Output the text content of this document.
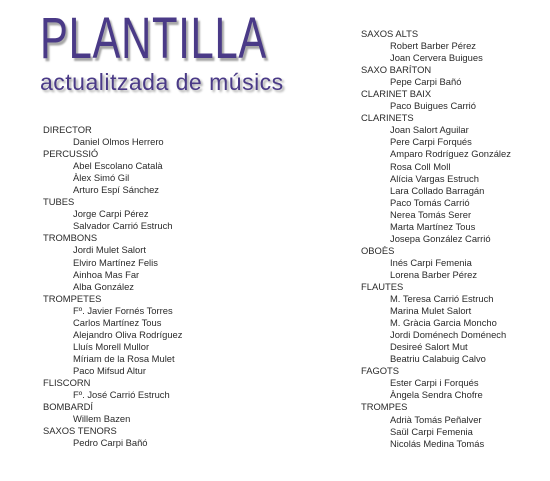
PLANTILLA
actualitzada de músics
DIRECTOR
Daniel Olmos Herrero
PERCUSSIÓ
Abel Escolano Català
Àlex Simó Gil
Arturo Espí Sánchez
TUBES
Jorge Carpi Pérez
Salvador Carrió Estruch
TROMBONS
Jordi Mulet Salort
Elviro Martínez Felis
Ainhoa Mas Far
Alba González
TROMPETES
Fº. Javier Fornés Torres
Carlos Martínez Tous
Alejandro Oliva Rodríguez
Lluís Morell Mullor
Míriam de la Rosa Mulet
Paco Mifsud Altur
FLISCORN
Fº. José Carrió Estruch
BOMBARDÍ
Willem Bazen
SAXOS TENORS
Pedro Carpi Bañó
SAXOS ALTS
Robert Barber Pérez
Joan Cervera Buigues
SAXO BARÍTON
Pepe Carpi Bañó
CLARINET BAIX
Paco Buigues Carrió
CLARINETS
Joan Salort Aguilar
Pere Carpi Forqués
Amparo Rodríguez González
Rosa Coll Moll
Alícia Vargas Estruch
Lara Collado Barragán
Paco Tomás Carrió
Nerea Tomás Serer
Marta Martínez Tous
Josepa González Carrió
OBOÈS
Inés Carpi Femenia
Lorena Barber Pérez
FLAUTES
M. Teresa Carrió Estruch
Marina Mulet Salort
M. Gràcia Garcia Moncho
Jordi Doménech Doménech
Desireé Salort Mut
Beatriu Calabuig Calvo
FAGOTS
Ester Carpi i Forqués
Àngela Sendra Chofre
TROMPES
Adrià Tomás Peñalver
Saül Carpi Femenia
Nicolás Medina Tomás
